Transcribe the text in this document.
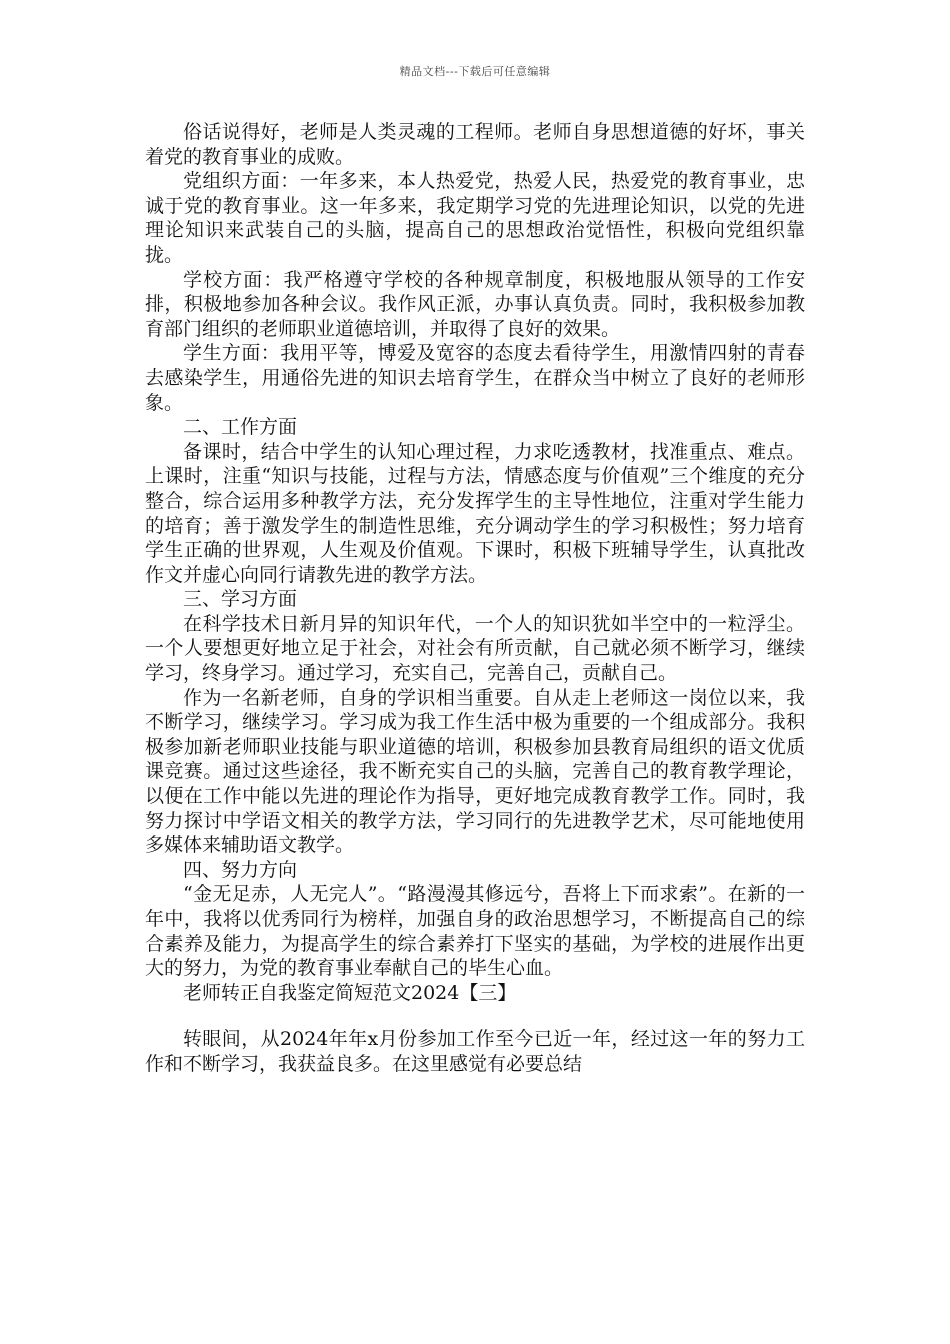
精品文档---下载后可任意编辑

俗话说得好，老师是人类灵魂的工程师。老师自身思想道德的好坏，事关着党的教育事业的成败。

党组织方面：一年多来，本人热爱党，热爱人民，热爱党的教育事业，忠诚于党的教育事业。这一年多来，我定期学习党的先进理论知识，以党的先进理论知识来武装自己的头脑，提高自己的思想政治觉悟性，积极向党组织靠拢。

学校方面：我严格遵守学校的各种规章制度，积极地服从领导的工作安排，积极地参加各种会议。我作风正派，办事认真负责。同时，我积极参加教育部门组织的老师职业道德培训，并取得了良好的效果。

学生方面：我用平等，博爱及宽容的态度去看待学生，用激情四射的青春去感染学生，用通俗先进的知识去培育学生，在群众当中树立了良好的老师形象。

二、工作方面

备课时，结合中学生的认知心理过程，力求吃透教材，找准重点、难点。上课时，注重“知识与技能，过程与方法，情感态度与价值观”三个维度的充分整合，综合运用多种教学方法，充分发挥学生的主导性地位，注重对学生能力的培育；善于激发学生的制造性思维，充分调动学生的学习积极性；努力培育学生正确的世界观，人生观及价值观。下课时，积极下班辅导学生，认真批改作文并虚心向同行请教先进的教学方法。

三、学习方面

在科学技术日新月异的知识年代，一个人的知识犹如半空中的一粒浮尘。一个人要想更好地立足于社会，对社会有所贡献，自己就必须不断学习，继续学习，终身学习。通过学习，充实自己，完善自己，贡献自己。

作为一名新老师，自身的学识相当重要。自从走上老师这一岗位以来，我不断学习，继续学习。学习成为我工作生活中极为重要的一个组成部分。我积极参加新老师职业技能与职业道德的培训，积极参加县教育局组织的语文优质课竞赛。通过这些途径，我不断充实自己的头脑，完善自己的教育教学理论，以便在工作中能以先进的理论作为指导，更好地完成教育教学工作。同时，我努力探讨中学语文相关的教学方法，学习同行的先进教学艺术，尽可能地使用多媒体来辅助语文教学。

四、努力方向

“金无足赤，人无完人”。“路漫漫其修远兮，吾将上下而求索”。在新的一年中，我将以优秀同行为榜样，加强自身的政治思想学习，不断提高自己的综合素养及能力，为提高学生的综合素养打下坚实的基础，为学校的进展作出更大的努力，为党的教育事业奉献自己的毕生心血。

老师转正自我鉴定简短范文2024【三】

转眼间，从2024年年x月份参加工作至今已近一年，经过这一年的努力工作和不断学习，我获益良多。在这里感觉有必要总结
